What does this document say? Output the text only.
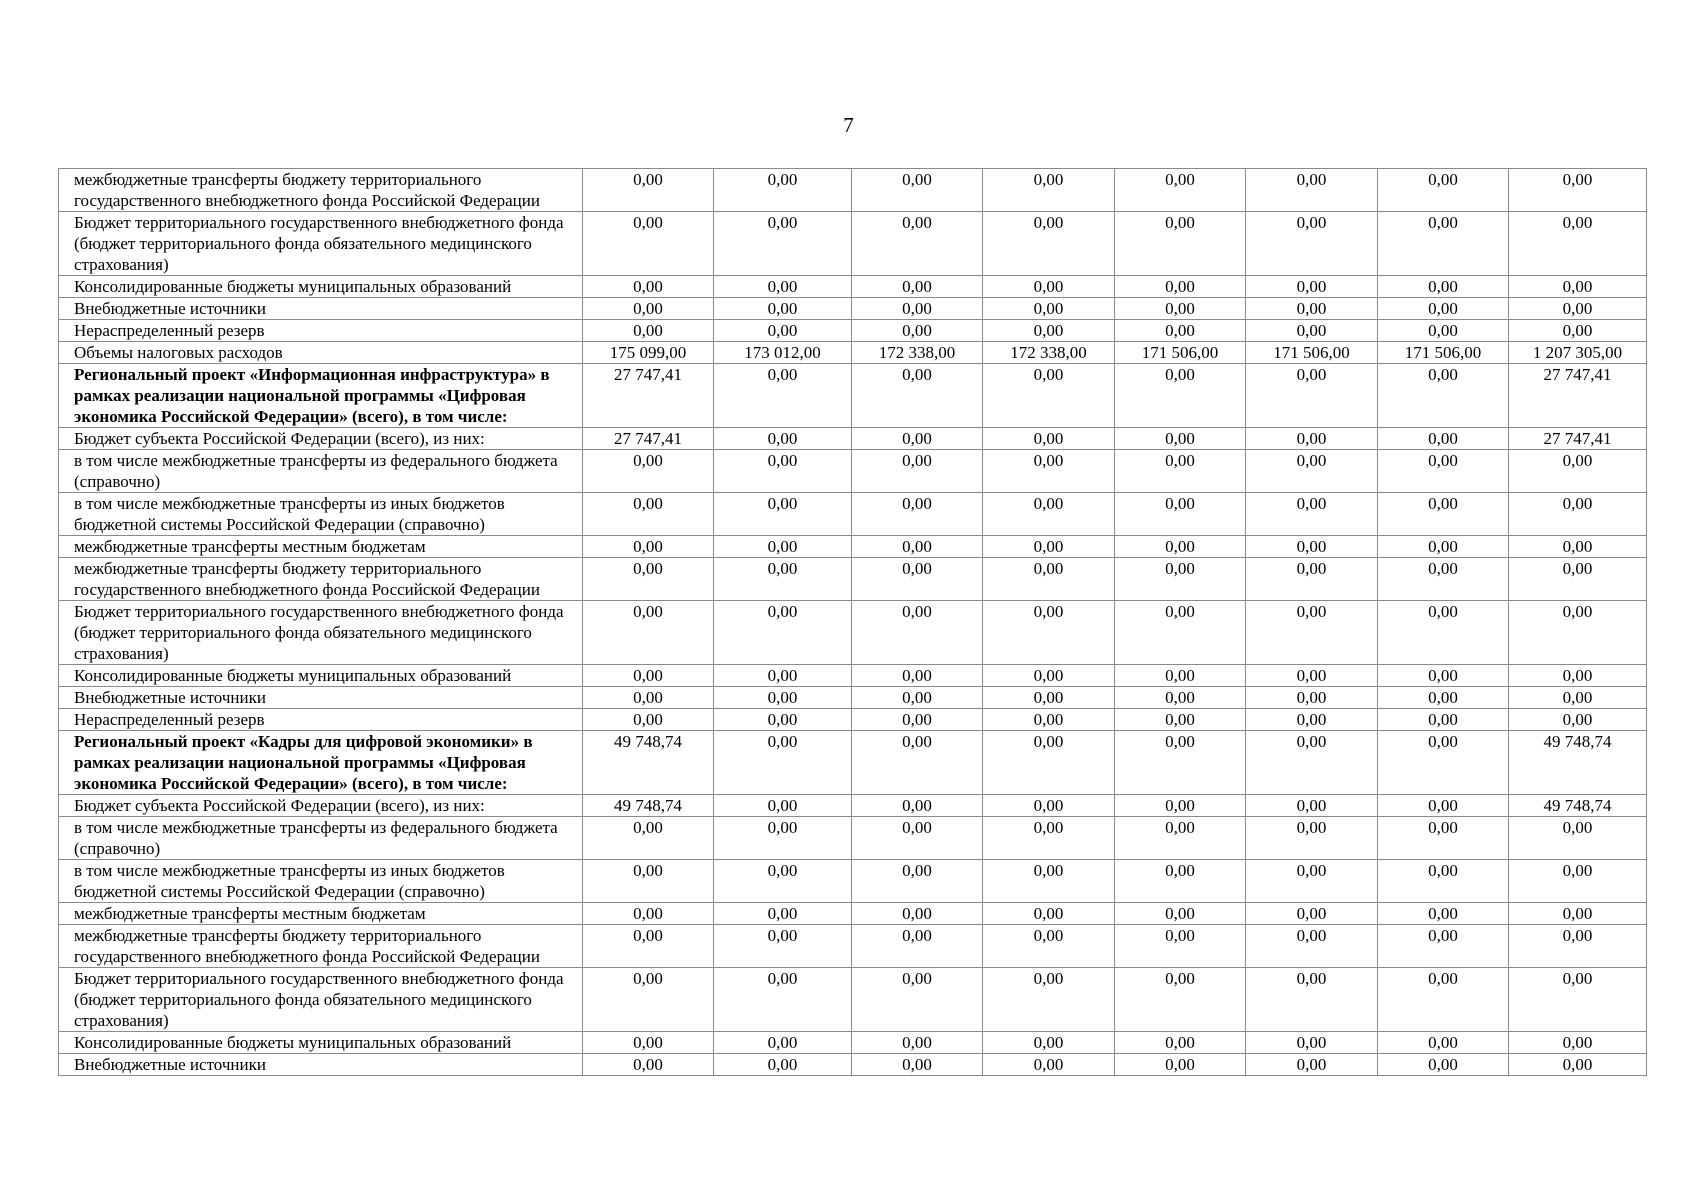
7
межбюджетные трансферты бюджету территориального государственного внебюджетного фонда Российской Федерации	0,00	0,00	0,00	0,00	0,00	0,00	0,00	0,00
Бюджет территориального государственного внебюджетного фонда (бюджет территориального фонда обязательного медицинского страхования)	0,00	0,00	0,00	0,00	0,00	0,00	0,00	0,00
Консолидированные бюджеты муниципальных образований	0,00	0,00	0,00	0,00	0,00	0,00	0,00	0,00
Внебюджетные источники	0,00	0,00	0,00	0,00	0,00	0,00	0,00	0,00
Нераспределенный резерв	0,00	0,00	0,00	0,00	0,00	0,00	0,00	0,00
Объемы налоговых расходов	175 099,00	173 012,00	172 338,00	172 338,00	171 506,00	171 506,00	171 506,00	1 207 305,00
Региональный проект «Информационная инфраструктура» в рамках реализации национальной программы «Цифровая экономика Российской Федерации» (всего), в том числе:	27 747,41	0,00	0,00	0,00	0,00	0,00	0,00	27 747,41
Бюджет субъекта Российской Федерации (всего), из них:	27 747,41	0,00	0,00	0,00	0,00	0,00	0,00	27 747,41
в том числе межбюджетные трансферты из федерального бюджета (справочно)	0,00	0,00	0,00	0,00	0,00	0,00	0,00	0,00
в том числе межбюджетные трансферты из иных бюджетов бюджетной системы Российской Федерации (справочно)	0,00	0,00	0,00	0,00	0,00	0,00	0,00	0,00
межбюджетные трансферты местным бюджетам	0,00	0,00	0,00	0,00	0,00	0,00	0,00	0,00
межбюджетные трансферты бюджету территориального государственного внебюджетного фонда Российской Федерации	0,00	0,00	0,00	0,00	0,00	0,00	0,00	0,00
Бюджет территориального государственного внебюджетного фонда (бюджет территориального фонда обязательного медицинского страхования)	0,00	0,00	0,00	0,00	0,00	0,00	0,00	0,00
Консолидированные бюджеты муниципальных образований	0,00	0,00	0,00	0,00	0,00	0,00	0,00	0,00
Внебюджетные источники	0,00	0,00	0,00	0,00	0,00	0,00	0,00	0,00
Нераспределенный резерв	0,00	0,00	0,00	0,00	0,00	0,00	0,00	0,00
Региональный проект «Кадры для цифровой экономики» в рамках реализации национальной программы «Цифровая экономика Российской Федерации» (всего), в том числе:	49 748,74	0,00	0,00	0,00	0,00	0,00	0,00	49 748,74
Бюджет субъекта Российской Федерации (всего), из них:	49 748,74	0,00	0,00	0,00	0,00	0,00	0,00	49 748,74
в том числе межбюджетные трансферты из федерального бюджета (справочно)	0,00	0,00	0,00	0,00	0,00	0,00	0,00	0,00
в том числе межбюджетные трансферты из иных бюджетов бюджетной системы Российской Федерации (справочно)	0,00	0,00	0,00	0,00	0,00	0,00	0,00	0,00
межбюджетные трансферты местным бюджетам	0,00	0,00	0,00	0,00	0,00	0,00	0,00	0,00
межбюджетные трансферты бюджету территориального государственного внебюджетного фонда Российской Федерации	0,00	0,00	0,00	0,00	0,00	0,00	0,00	0,00
Бюджет территориального государственного внебюджетного фонда (бюджет территориального фонда обязательного медицинского страхования)	0,00	0,00	0,00	0,00	0,00	0,00	0,00	0,00
Консолидированные бюджеты муниципальных образований	0,00	0,00	0,00	0,00	0,00	0,00	0,00	0,00
Внебюджетные источники	0,00	0,00	0,00	0,00	0,00	0,00	0,00	0,00
